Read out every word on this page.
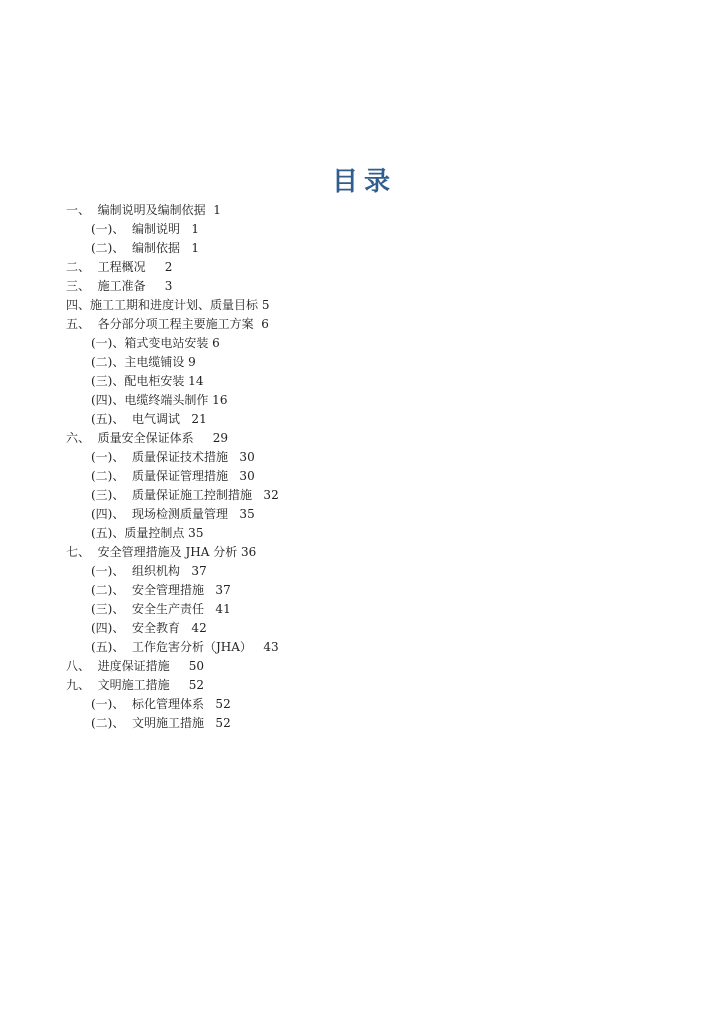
目录
一、  编制说明及编制依据  1
(一)、  编制说明   1
(二)、  编制依据   1
二、  工程概况     2
三、  施工准备     3
四、施工工期和进度计划、质量目标 5
五、  各分部分项工程主要施工方案  6
(一)、箱式变电站安装 6
(二)、主电缆铺设 9
(三)、配电柜安装 14
(四)、电缆终端头制作 16
(五)、  电气调试   21
六、  质量安全保证体系     29
(一)、  质量保证技术措施   30
(二)、  质量保证管理措施   30
(三)、  质量保证施工控制措施   32
(四)、  现场检测质量管理   35
(五)、质量控制点 35
七、  安全管理措施及 JHA 分析 36
(一)、  组织机构   37
(二)、  安全管理措施   37
(三)、  安全生产责任   41
(四)、  安全教育   42
(五)、  工作危害分析（JHA）   43
八、  进度保证措施     50
九、  文明施工措施     52
(一)、  标化管理体系   52
(二)、  文明施工措施   52
